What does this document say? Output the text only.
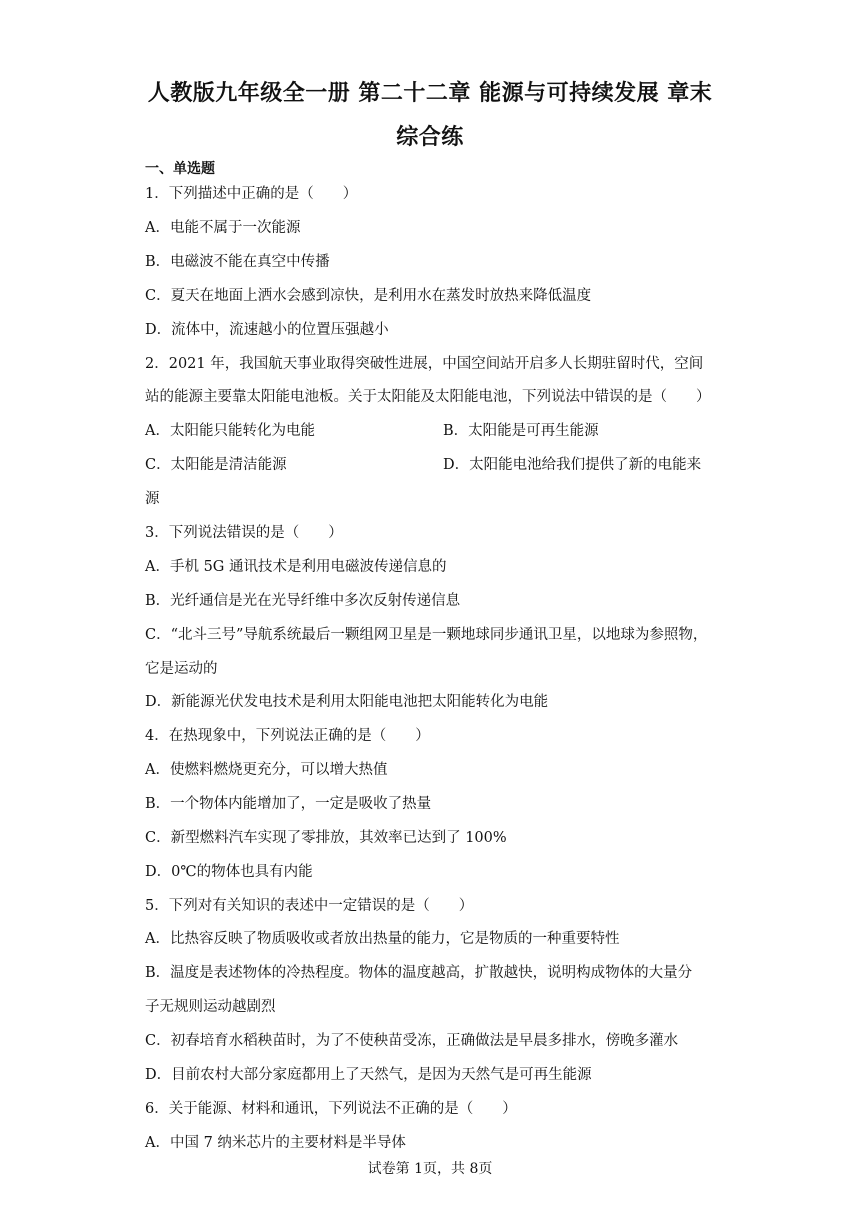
人教版九年级全一册 第二十二章 能源与可持续发展 章末
综合练
一、单选题
1．下列描述中正确的是（　　）
A．电能不属于一次能源
B．电磁波不能在真空中传播
C．夏天在地面上洒水会感到凉快，是利用水在蒸发时放热来降低温度
D．流体中，流速越小的位置压强越小
2．2021 年，我国航天事业取得突破性进展，中国空间站开启多人长期驻留时代，空间
站的能源主要靠太阳能电池板。关于太阳能及太阳能电池，下列说法中错误的是（　　）
A．太阳能只能转化为电能	B．太阳能是可再生能源
C．太阳能是清洁能源	D．太阳能电池给我们提供了新的电能来
源
3．下列说法错误的是（　　）
A．手机 5G 通讯技术是利用电磁波传递信息的
B．光纤通信是光在光导纤维中多次反射传递信息
C．“北斗三号”导航系统最后一颗组网卫星是一颗地球同步通讯卫星，以地球为参照物，
它是运动的
D．新能源光伏发电技术是利用太阳能电池把太阳能转化为电能
4．在热现象中，下列说法正确的是（　　）
A．使燃料燃烧更充分，可以增大热值
B．一个物体内能增加了，一定是吸收了热量
C．新型燃料汽车实现了零排放，其效率已达到了 100%
D．0℃的物体也具有内能
5．下列对有关知识的表述中一定错误的是（　　）
A．比热容反映了物质吸收或者放出热量的能力，它是物质的一种重要特性
B．温度是表述物体的冷热程度。物体的温度越高，扩散越快，说明构成物体的大量分
子无规则运动越剧烈
C．初春培育水稻秧苗时，为了不使秧苗受冻，正确做法是早晨多排水，傍晚多灌水
D．目前农村大部分家庭都用上了天然气，是因为天然气是可再生能源
6．关于能源、材料和通讯，下列说法不正确的是（　　）
A．中国 7 纳米芯片的主要材料是半导体
试卷第 1页，共 8页
